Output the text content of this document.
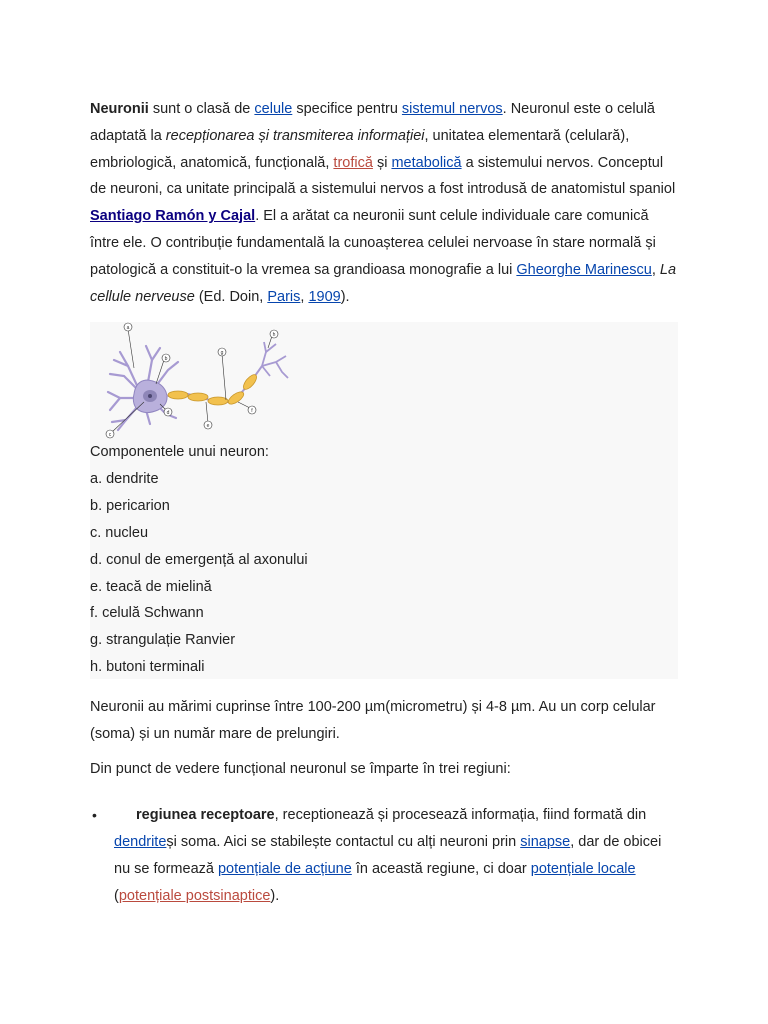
Neuronii sunt o clasă de celule specifice pentru sistemul nervos. Neuronul este o celulă adaptată la recepționarea și transmiterea informației, unitatea elementară (celulară), embriologică, anatomică, funcțională, trofică și metabolică a sistemului nervos. Conceptul de neuroni, ca unitate principală a sistemului nervos a fost introdusă de anatomistul spaniol Santiago Ramón y Cajal. El a arătat ca neuronii sunt celule individuale care comunică între ele. O contribuție fundamentală la cunoașterea celulei nervoase în stare normală și patologică a constituit-o la vremea sa grandioasa monografie a lui Gheorghe Marinescu, La cellule nerveuse (Ed. Doin, Paris, 1909).

a
b
c
d
e
f
g
h
Componentele unui neuron:
a. dendrite
b. pericarion
c. nucleu
d. conul de emergență al axonului
e. teacă de mielină
f. celulă Schwann
g. strangulație Ranvier
h. butoni terminali

Neuronii au mărimi cuprinse între 100-200 µm(micrometru) și 4-8 µm. Au un corp celular (soma) și un număr mare de prelungiri.

Din punct de vedere funcțional neuronul se împarte în trei regiuni:

•	regiunea receptoare, receptionează și procesează informația, fiind formată din dendriteși soma. Aici se stabilește contactul cu alți neuroni prin sinapse, dar de obicei nu se formează potențiale de acțiune în această regiune, ci doar potențiale locale (potențiale postsinaptice).
